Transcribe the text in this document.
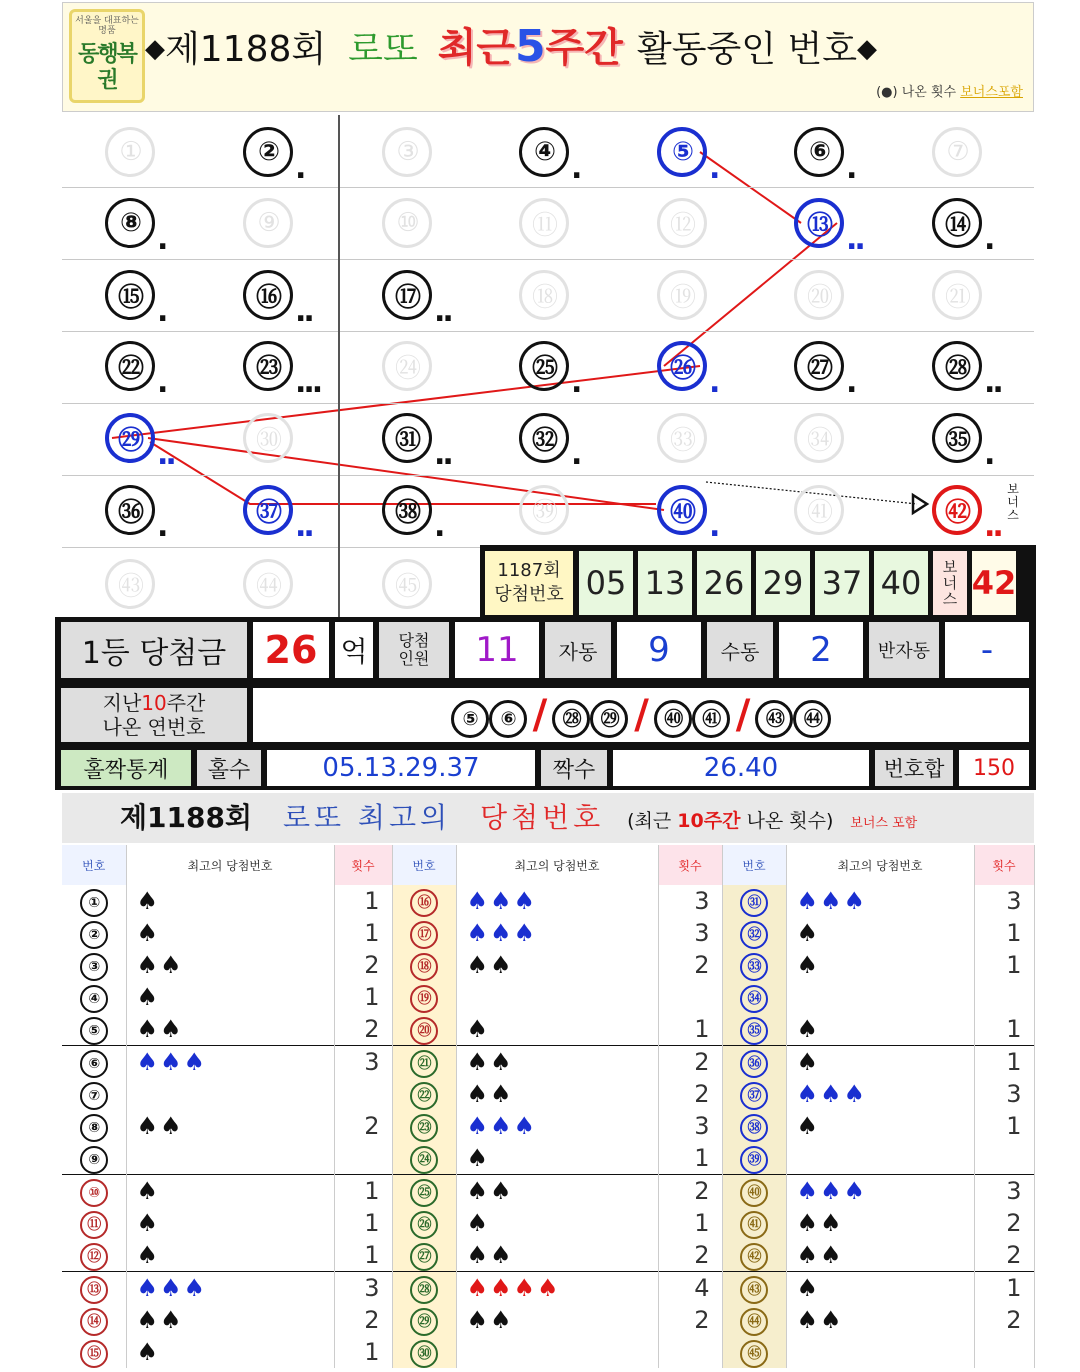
서울을 대표하는 명품
동행복권
◆제1188회 로또 최근5주간 활동중인 번호◆
(●) 나온 횟수 보너스포함
①	② .	③	④ .	⑤ .	⑥ .	⑦
⑧ .	⑨	⑩	⑪	⑫	⑬ ..	⑭ .
⑮ .	⑯ ..	⑰ ..	⑱	⑲	⑳	㉑
㉒ .	㉓ ...	㉔	㉕ .	㉖ .	㉗ .	㉘ ..
㉙ ..	㉚	㉛ ..	㉜ .	㉝	㉞	㉟ .
㊱ .	㊲ ..	㊳ .	㊴	㊵ .	㊶	㊷ ..
㊸	㊹	㊺
보너스
1187회
당첨번호 05 13 26 29 37 40	보
너
스 42
1등 당첨금	26 억	당첨
인원 11	자동	9	수동	2	반자동 -
지난10주간
나온 연번호	⑤ ⑥ / ㉘ ㉙ / ㊵ ㊶ / ㊸ ㊹
홀짝통계	홀수	05.13.29.37	짝수	26.40	번호합	150
제1188회 로또 최고의 당첨번호 (최근 10주간 나온 횟수) 보너스 포함
번호	최고의 당첨번호	횟수	번호	최고의 당첨번호	횟수	번호	최고의 당첨번호	횟수
①	♠	1	⑯	♠♠♠	3	㉛	♠♠♠	3
②	♠	1	⑰	♠♠♠	3	㉜	♠	1
③	♠♠	2	⑱	♠♠	2	㉝	♠	1
④	♠	1	⑲			㉞		
⑤	♠♠	2	⑳	♠	1	㉟	♠	1
⑥	♠♠♠	3	㉑	♠♠	2	㊱	♠	1
⑦			㉒	♠♠	2	㊲	♠♠♠	3
⑧	♠♠	2	㉓	♠♠♠	3	㊳	♠	1
⑨			㉔	♠	1	㊴		
⑩	♠	1	㉕	♠♠	2	㊵	♠♠♠	3
⑪	♠	1	㉖	♠	1	㊶	♠♠	2
⑫	♠	1	㉗	♠♠	2	㊷	♠♠	2
⑬	♠♠♠	3	㉘	♠♠♠♠	4	㊸	♠	1
⑭	♠♠	2	㉙	♠♠	2	㊹	♠♠	2
⑮	♠	1	㉚			㊺		
